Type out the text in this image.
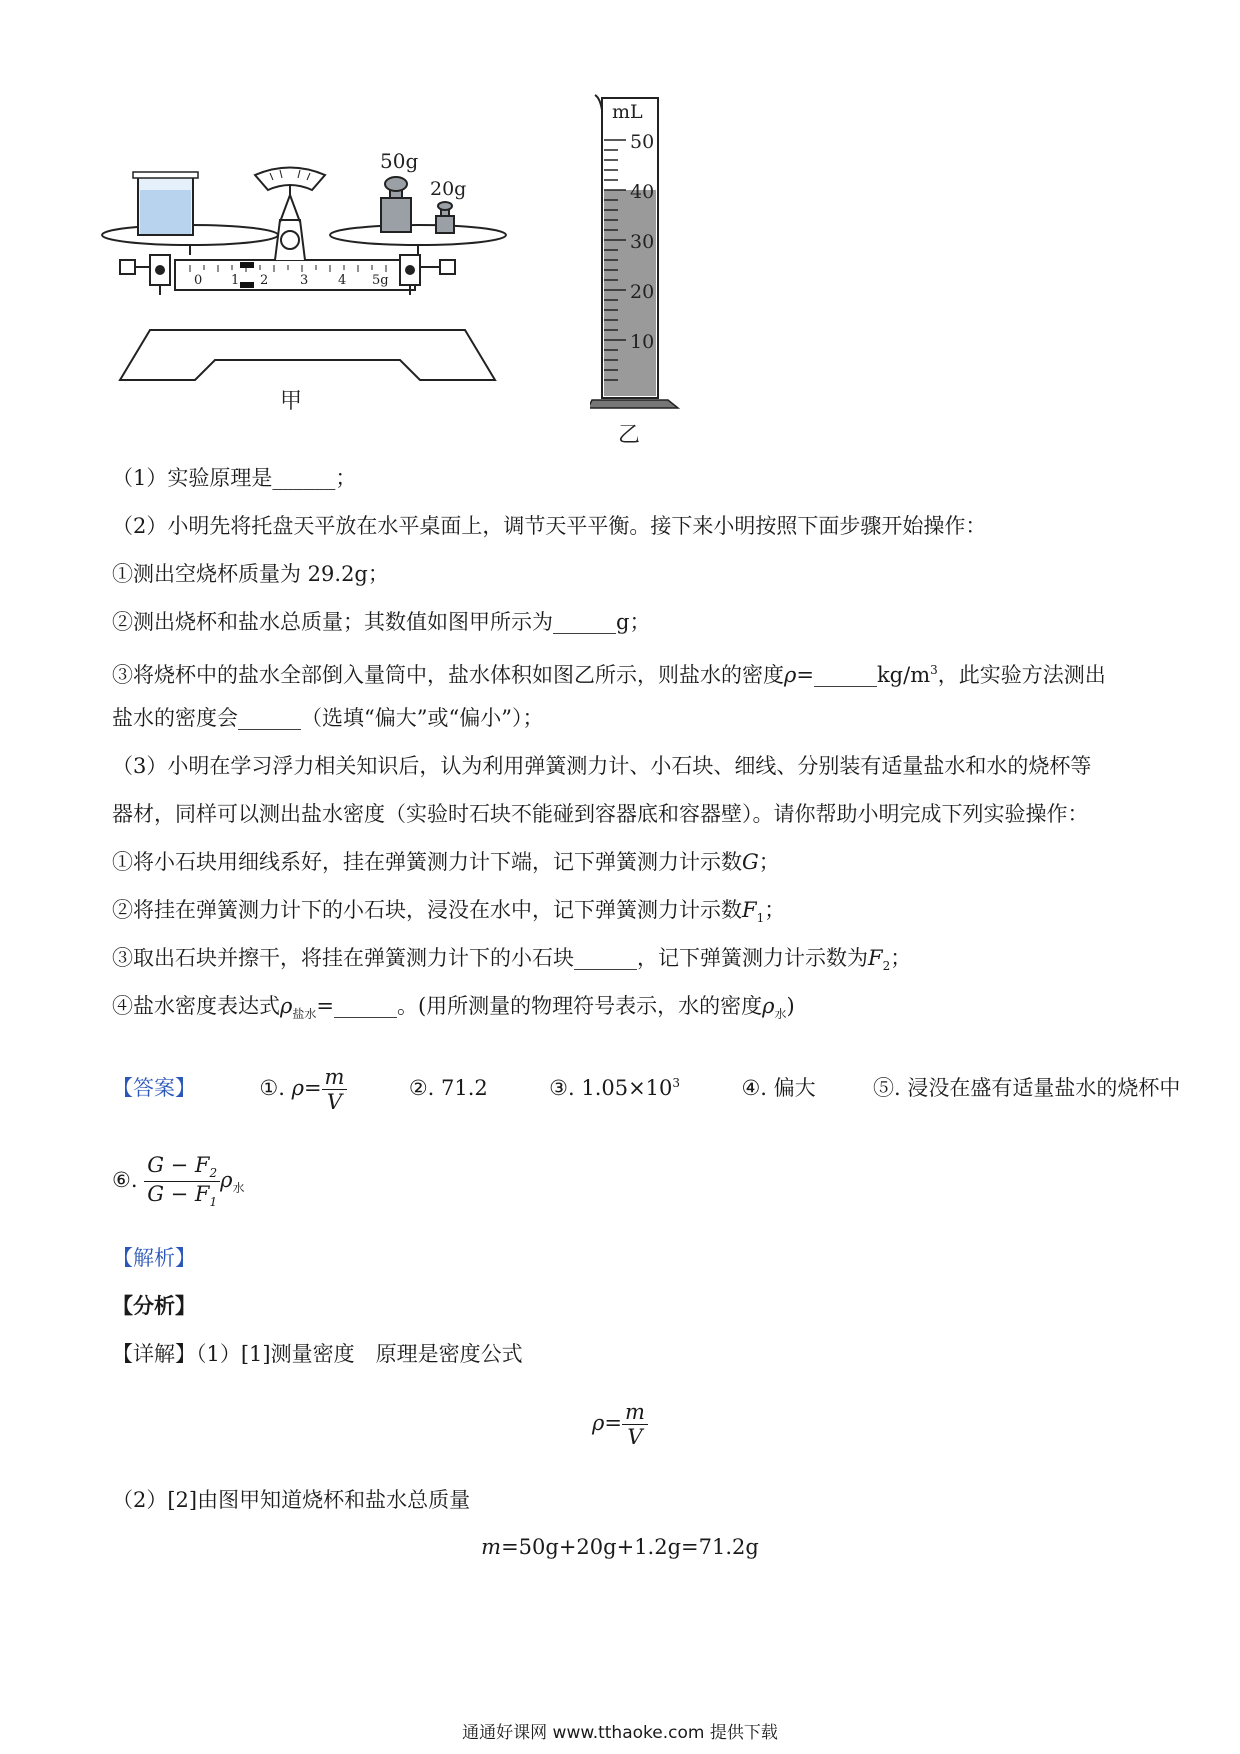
0 1 2 3 4 5g
50g
20g
甲
mL
50
40
30
20
10
乙
（1）实验原理是______；
（2）小明先将托盘天平放在水平桌面上，调节天平平衡。接下来小明按照下面步骤开始操作：
①测出空烧杯质量为 29.2g；
②测出烧杯和盐水总质量；其数值如图甲所示为______g；
③将烧杯中的盐水全部倒入量筒中，盐水体积如图乙所示，则盐水的密度$\rho=\_\_\_\_\_\_kg/m^3$，此实验方法测出
盐水的密度会______（选填“偏大”或“偏小”）；
（3）小明在学习浮力相关知识后，认为利用弹簧测力计、小石块、细线、分别装有适量盐水和水的烧杯等
器材，同样可以测出盐水密度（实验时石块不能碰到容器底和容器壁）。请你帮助小明完成下列实验操作：
①将小石块用细线系好，挂在弹簧测力计下端，记下弹簧测力计示数G；
②将挂在弹簧测力计下的小石块，浸没在水中，记下弹簧测力计示数$F_1$；
③取出石块并擦干，将挂在弹簧测力计下的小石块______，记下弹簧测力计示数为$F_2$；
④盐水密度表达式$\rho_{盐水}=\_\_\_\_\_\_$。(用所测量的物理符号表示，水的密度$\rho_水$)
【答案】	①. $\rho= \frac{m}{V}$	②. 71.2	③. $1.05\times 10^3$	④. 偏大	⑤. 浸没在盛有适量盐水的烧杯中
⑥. $\frac{G - F_2}{G - F_1} \rho_水$
【解析】
【分析】
【详解】（1）[1]测量密度　原理是密度公式
$\rho= \frac{m}{V}$
（2）[2]由图甲知道烧杯和盐水总质量
m=50g+20g+1.2g=71.2g
通通好课网 www.tthaoke.com 提供下载
